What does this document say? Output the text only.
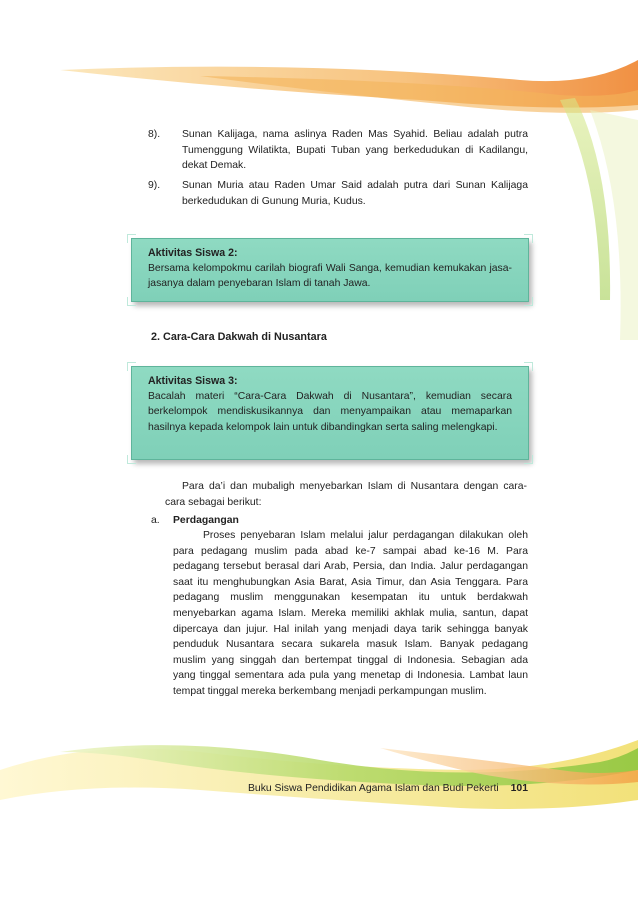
8).	Sunan Kalijaga, nama aslinya Raden Mas Syahid. Beliau adalah putra Tumenggung Wilatikta, Bupati Tuban yang berkedudukan di Kadilangu, dekat Demak.
9).	Sunan Muria atau Raden Umar Said adalah putra dari Sunan Kalijaga berkedudukan di Gunung Muria, Kudus.
Aktivitas Siswa 2:
Bersama kelompokmu carilah biografi Wali Sanga, kemudian kemukakan jasa-jasanya dalam penyebaran Islam di tanah Jawa.
2. Cara-Cara Dakwah di Nusantara
Aktivitas Siswa 3:
Bacalah materi “Cara-Cara Dakwah di Nusantara”, kemudian secara berkelompok mendiskusikannya dan menyampaikan atau memaparkan hasilnya kepada kelompok lain untuk dibandingkan serta saling melengkapi.
Para da’i dan mubaligh menyebarkan Islam di Nusantara dengan cara-cara sebagai berikut:
a. Perdagangan
Proses penyebaran Islam melalui jalur perdagangan dilakukan oleh para pedagang muslim pada abad ke-7 sampai abad ke-16 M. Para pedagang tersebut berasal dari Arab, Persia, dan India. Jalur perdagangan saat itu menghubungkan Asia Barat, Asia Timur, dan Asia Tenggara. Para pedagang muslim menggunakan kesempatan itu untuk berdakwah menyebarkan agama Islam. Mereka memiliki akhlak mulia, santun, dapat dipercaya dan jujur. Hal inilah yang menjadi daya tarik sehingga banyak penduduk Nusantara secara sukarela masuk Islam. Banyak pedagang muslim yang singgah dan bertempat tinggal di Indonesia. Sebagian ada yang tinggal sementara ada pula yang menetap di Indonesia. Lambat laun tempat tinggal mereka berkembang menjadi perkampungan muslim.
Buku Siswa Pendidikan Agama Islam dan Budi Pekerti 101
